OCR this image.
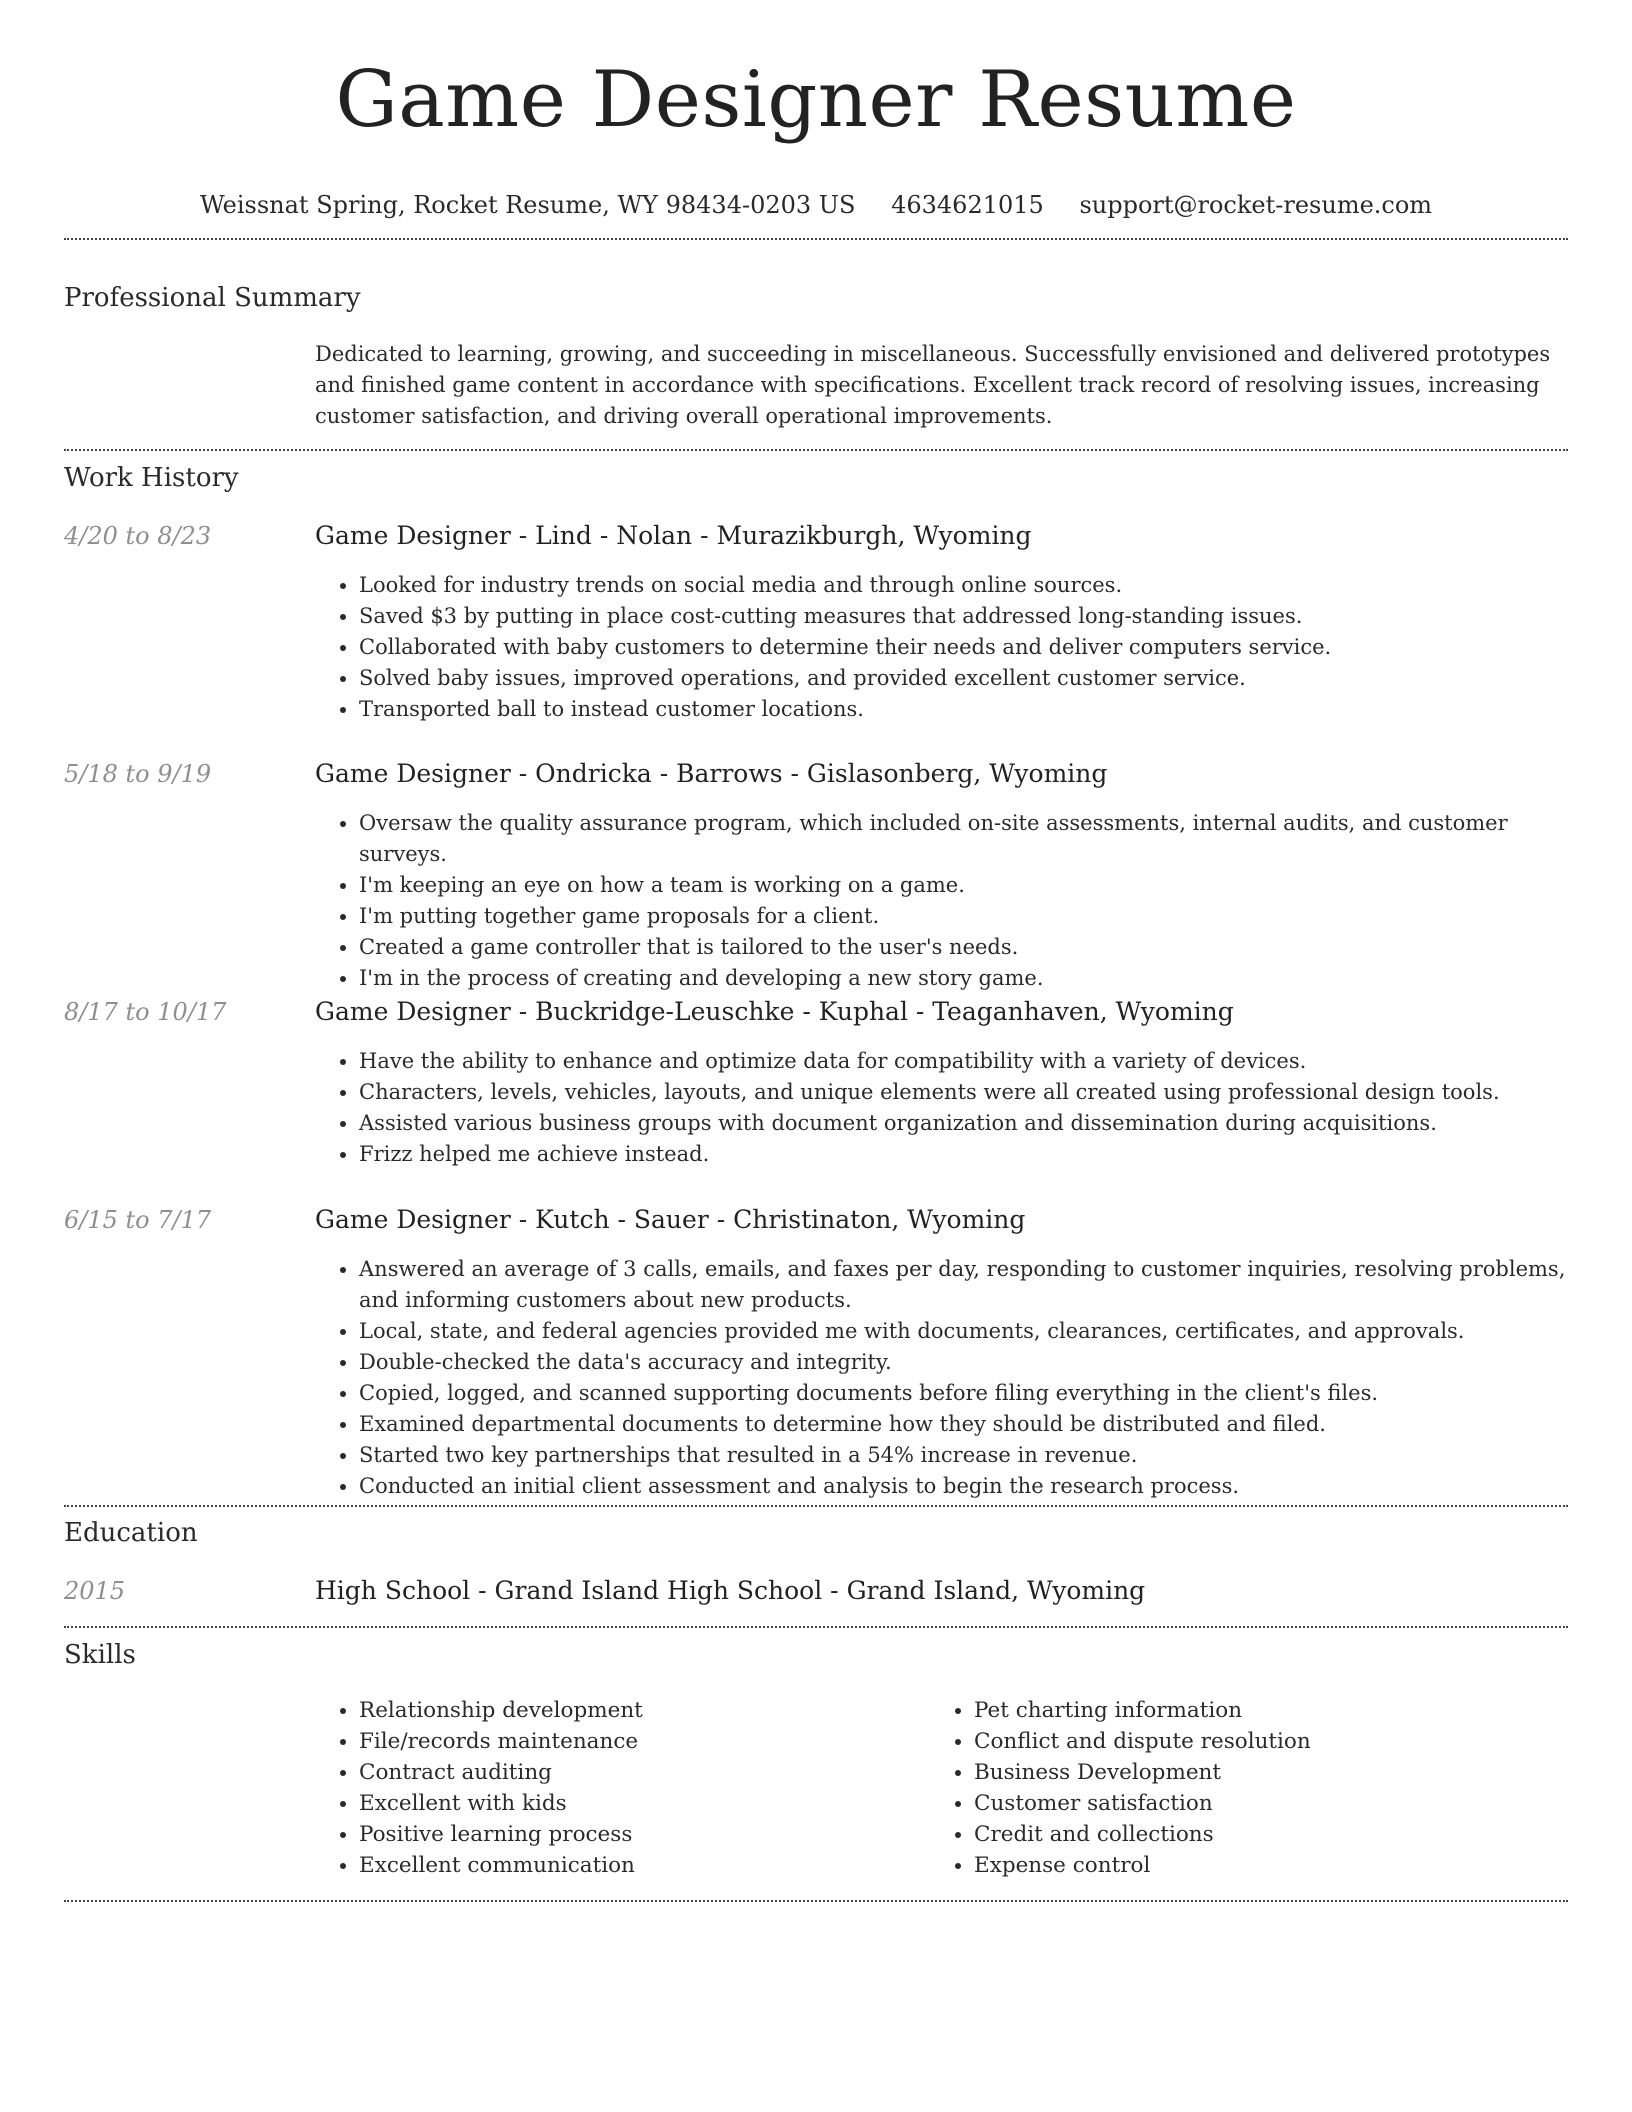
Game Designer Resume
Weissnat Spring, Rocket Resume, WY 98434-0203 US 4634621015 support@rocket-resume.com
Professional Summary

Dedicated to learning, growing, and succeeding in miscellaneous. Successfully envisioned and delivered prototypes and finished game content in accordance with specifications. Excellent track record of resolving issues, increasing customer satisfaction, and driving overall operational improvements.

Work History
4/20 to 8/23	Game Designer - Lind - Nolan - Murazikburgh, Wyoming
• Looked for industry trends on social media and through online sources.
• Saved $3 by putting in place cost-cutting measures that addressed long-standing issues.
• Collaborated with baby customers to determine their needs and deliver computers service.
• Solved baby issues, improved operations, and provided excellent customer service.
• Transported ball to instead customer locations.
5/18 to 9/19	Game Designer - Ondricka - Barrows - Gislasonberg, Wyoming
• Oversaw the quality assurance program, which included on-site assessments, internal audits, and customer surveys.
• I'm keeping an eye on how a team is working on a game.
• I'm putting together game proposals for a client.
• Created a game controller that is tailored to the user's needs.
• I'm in the process of creating and developing a new story game.
8/17 to 10/17	Game Designer - Buckridge-Leuschke - Kuphal - Teaganhaven, Wyoming
• Have the ability to enhance and optimize data for compatibility with a variety of devices.
• Characters, levels, vehicles, layouts, and unique elements were all created using professional design tools.
• Assisted various business groups with document organization and dissemination during acquisitions.
• Frizz helped me achieve instead.
6/15 to 7/17	Game Designer - Kutch - Sauer - Christinaton, Wyoming
• Answered an average of 3 calls, emails, and faxes per day, responding to customer inquiries, resolving problems, and informing customers about new products.
• Local, state, and federal agencies provided me with documents, clearances, certificates, and approvals.
• Double-checked the data's accuracy and integrity.
• Copied, logged, and scanned supporting documents before filing everything in the client's files.
• Examined departmental documents to determine how they should be distributed and filed.
• Started two key partnerships that resulted in a 54% increase in revenue.
• Conducted an initial client assessment and analysis to begin the research process.
Education
2015	High School - Grand Island High School - Grand Island, Wyoming
Skills
• Relationship development
• File/records maintenance
• Contract auditing
• Excellent with kids
• Positive learning process
• Excellent communication
• Pet charting information
• Conflict and dispute resolution
• Business Development
• Customer satisfaction
• Credit and collections
• Expense control
